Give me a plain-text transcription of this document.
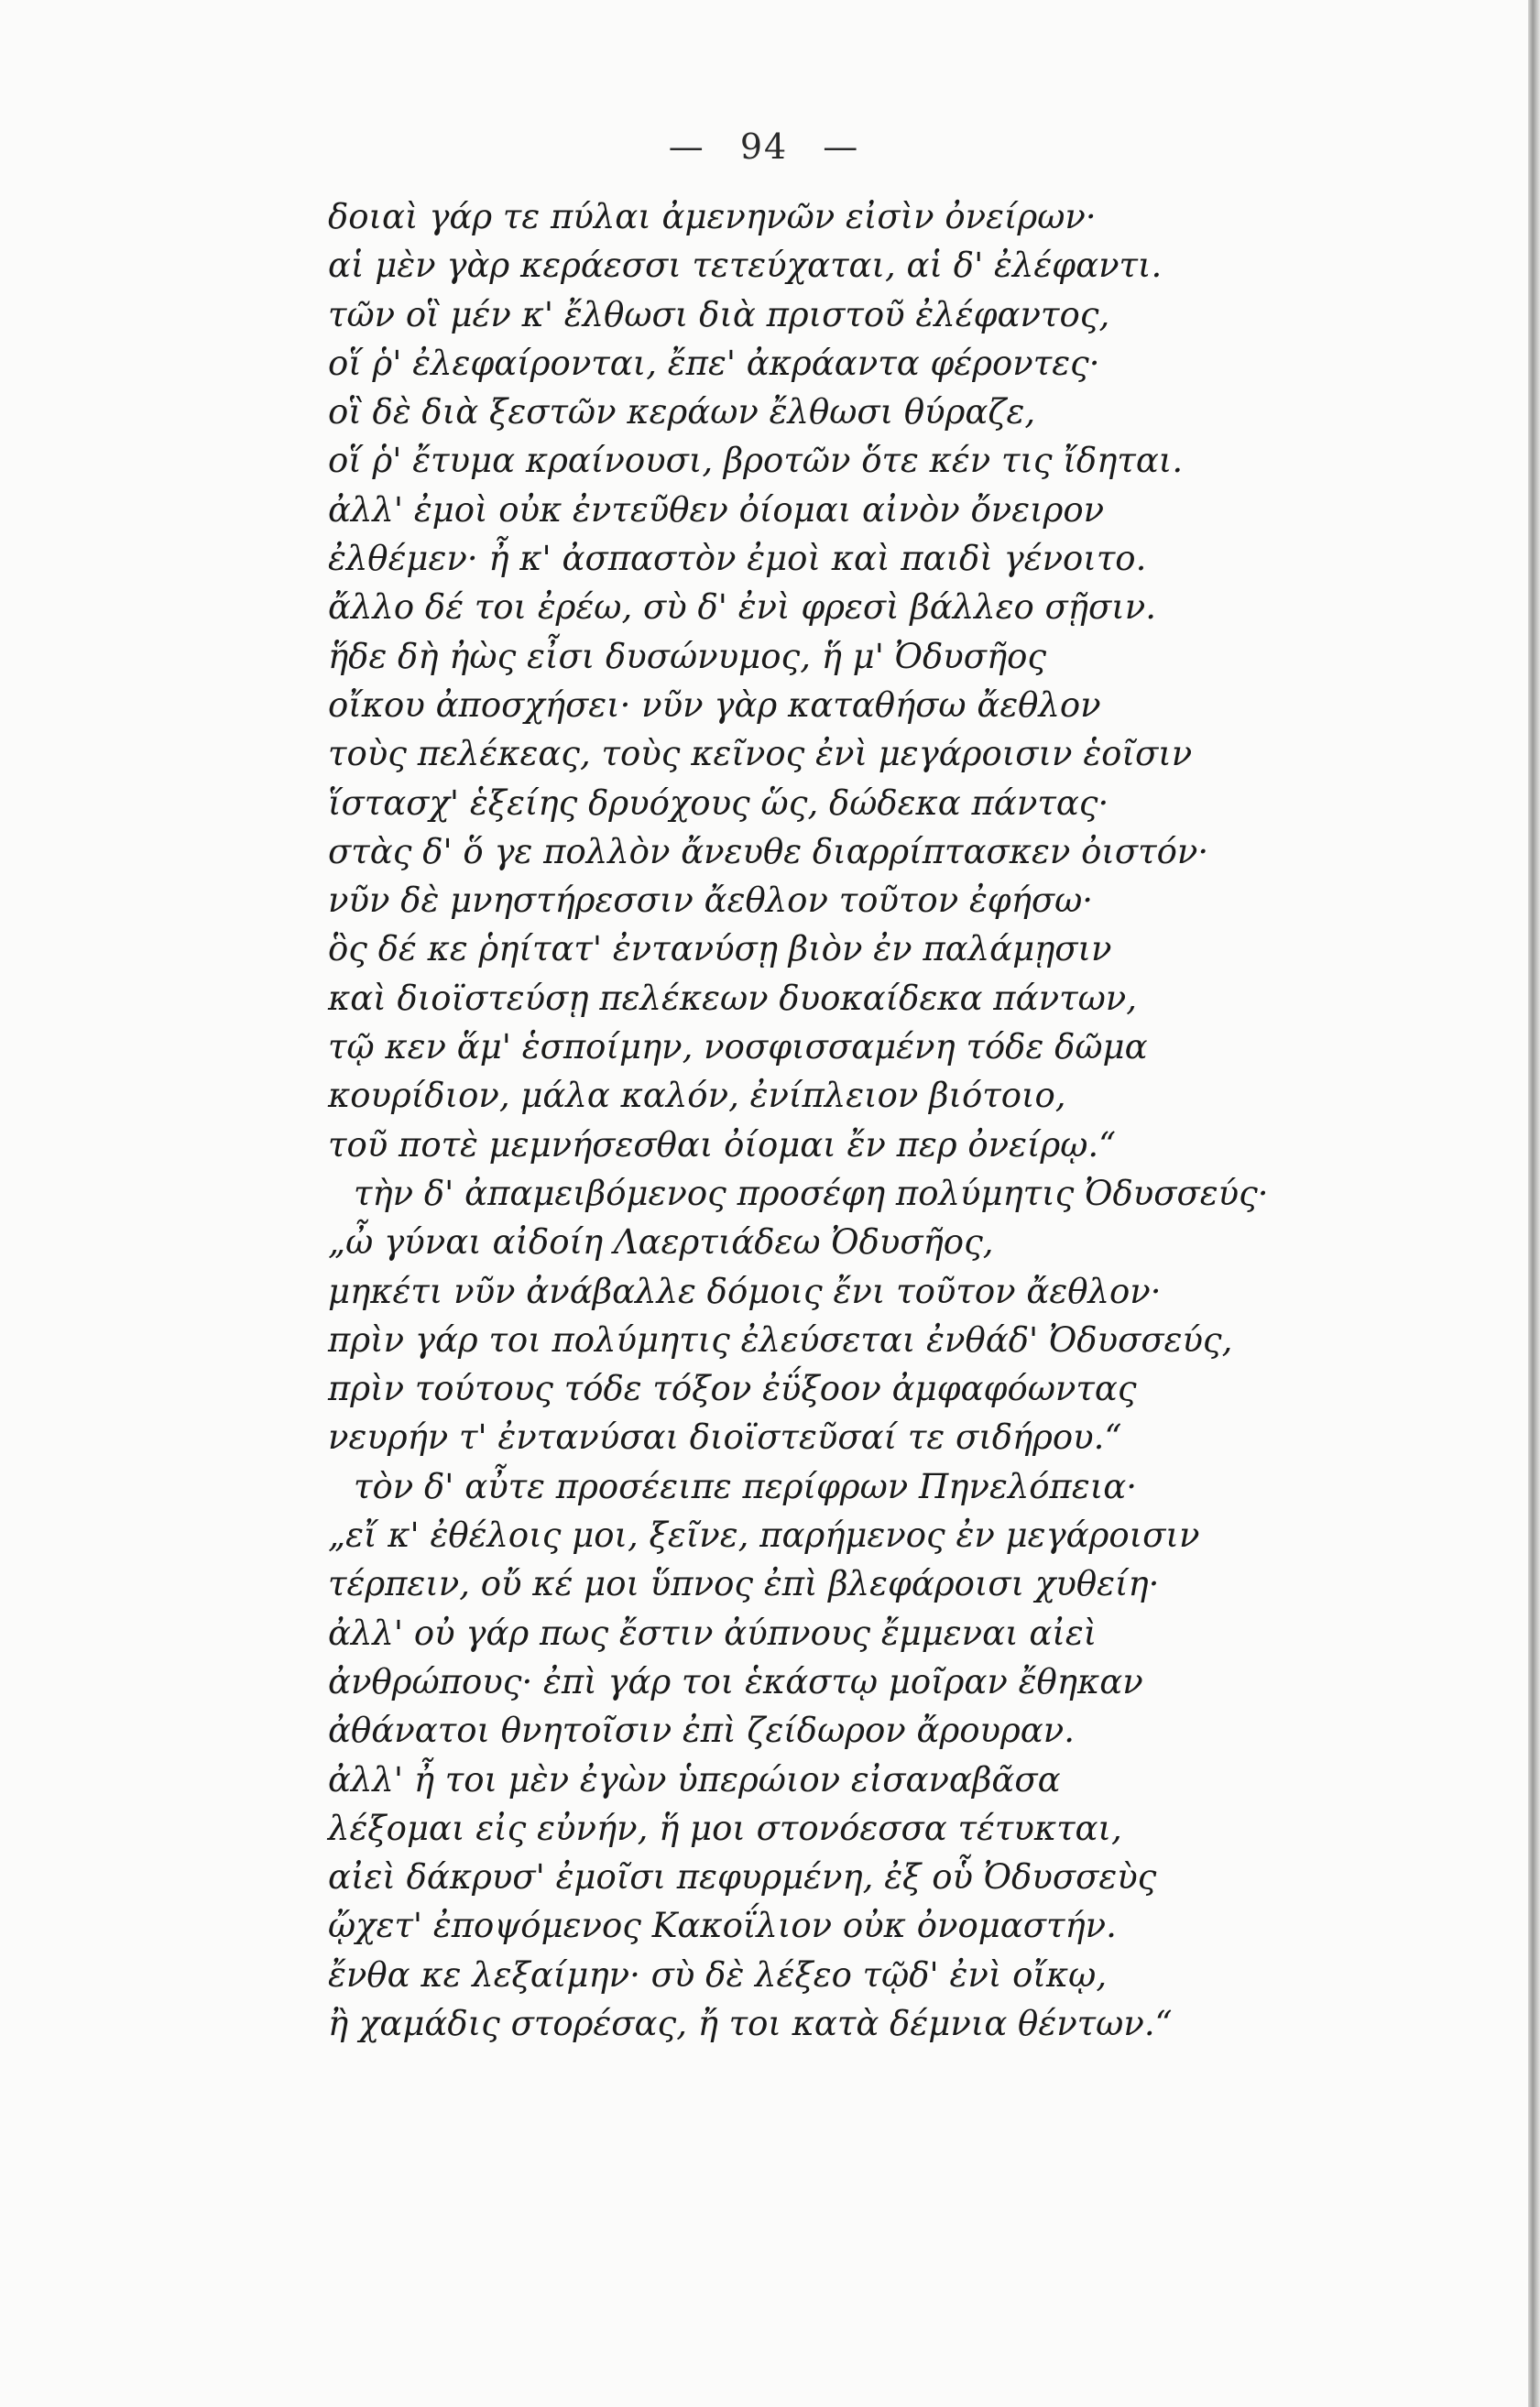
— 94 —
δοιαὶ γάρ τε πύλαι ἀμενηνῶν εἰσὶν ὀνείρων·
αἱ μὲν γὰρ κεράεσσι τετεύχαται, αἱ δ' ἐλέφαντι.
τῶν οἳ μέν κ' ἔλθωσι διὰ πριστοῦ ἐλέφαντος,
οἵ ῥ' ἐλεφαίρονται, ἔπε' ἀκράαντα φέροντες·
οἳ δὲ διὰ ξεστῶν κεράων ἔλθωσι θύραζε,
οἵ ῥ' ἔτυμα κραίνουσι, βροτῶν ὅτε κέν τις ἴδηται.
ἀλλ' ἐμοὶ οὐκ ἐντεῦθεν ὀίομαι αἰνὸν ὄνειρον
ἐλθέμεν· ἦ κ' ἀσπαστὸν ἐμοὶ καὶ παιδὶ γένοιτο.
ἄλλο δέ τοι ἐρέω, σὺ δ' ἐνὶ φρεσὶ βάλλεο σῇσιν.
ἥδε δὴ ἠὼς εἶσι δυσώνυμος, ἥ μ' Ὀδυσῆος
οἴκου ἀποσχήσει· νῦν γὰρ καταθήσω ἄεθλον
τοὺς πελέκεας, τοὺς κεῖνος ἐνὶ μεγάροισιν ἑοῖσιν
ἵστασχ' ἑξείης δρυόχους ὥς, δώδεκα πάντας·
στὰς δ' ὅ γε πολλὸν ἄνευθε διαρρίπτασκεν ὀιστόν·
νῦν δὲ μνηστήρεσσιν ἄεθλον τοῦτον ἐφήσω·
ὃς δέ κε ῥηίτατ' ἐντανύσῃ βιὸν ἐν παλάμῃσιν
καὶ διοϊστεύσῃ πελέκεων δυοκαίδεκα πάντων,
τῷ κεν ἅμ' ἑσποίμην, νοσφισσαμένη τόδε δῶμα
κουρίδιον, μάλα καλόν, ἐνίπλειον βιότοιο,
τοῦ ποτὲ μεμνήσεσθαι ὀίομαι ἔν περ ὀνείρῳ.“
τὴν δ' ἀπαμειβόμενος προσέφη πολύμητις Ὀδυσσεύς·
„ὦ γύναι αἰδοίη Λαερτιάδεω Ὀδυσῆος,
μηκέτι νῦν ἀνάβαλλε δόμοις ἔνι τοῦτον ἄεθλον·
πρὶν γάρ τοι πολύμητις ἐλεύσεται ἐνθάδ' Ὀδυσσεύς,
πρὶν τούτους τόδε τόξον ἐΰξοον ἀμφαφόωντας
νευρήν τ' ἐντανύσαι διοϊστεῦσαί τε σιδήρου.“
τὸν δ' αὖτε προσέειπε περίφρων Πηνελόπεια·
„εἴ κ' ἐθέλοις μοι, ξεῖνε, παρήμενος ἐν μεγάροισιν
τέρπειν, οὔ κέ μοι ὕπνος ἐπὶ βλεφάροισι χυθείη·
ἀλλ' οὐ γάρ πως ἔστιν ἀύπνους ἔμμεναι αἰεὶ
ἀνθρώπους· ἐπὶ γάρ τοι ἑκάστῳ μοῖραν ἔθηκαν
ἀθάνατοι θνητοῖσιν ἐπὶ ζείδωρον ἄρουραν.
ἀλλ' ἦ τοι μὲν ἐγὼν ὑπερώιον εἰσαναβᾶσα
λέξομαι εἰς εὐνήν, ἥ μοι στονόεσσα τέτυκται,
αἰεὶ δάκρυσ' ἐμοῖσι πεφυρμένη, ἐξ οὗ Ὀδυσσεὺς
ᾤχετ' ἐποψόμενος Κακοΐλιον οὐκ ὀνομαστήν.
ἔνθα κε λεξαίμην· σὺ δὲ λέξεο τῷδ' ἐνὶ οἴκῳ,
ἢ χαμάδις στορέσας, ἤ τοι κατὰ δέμνια θέντων.“
